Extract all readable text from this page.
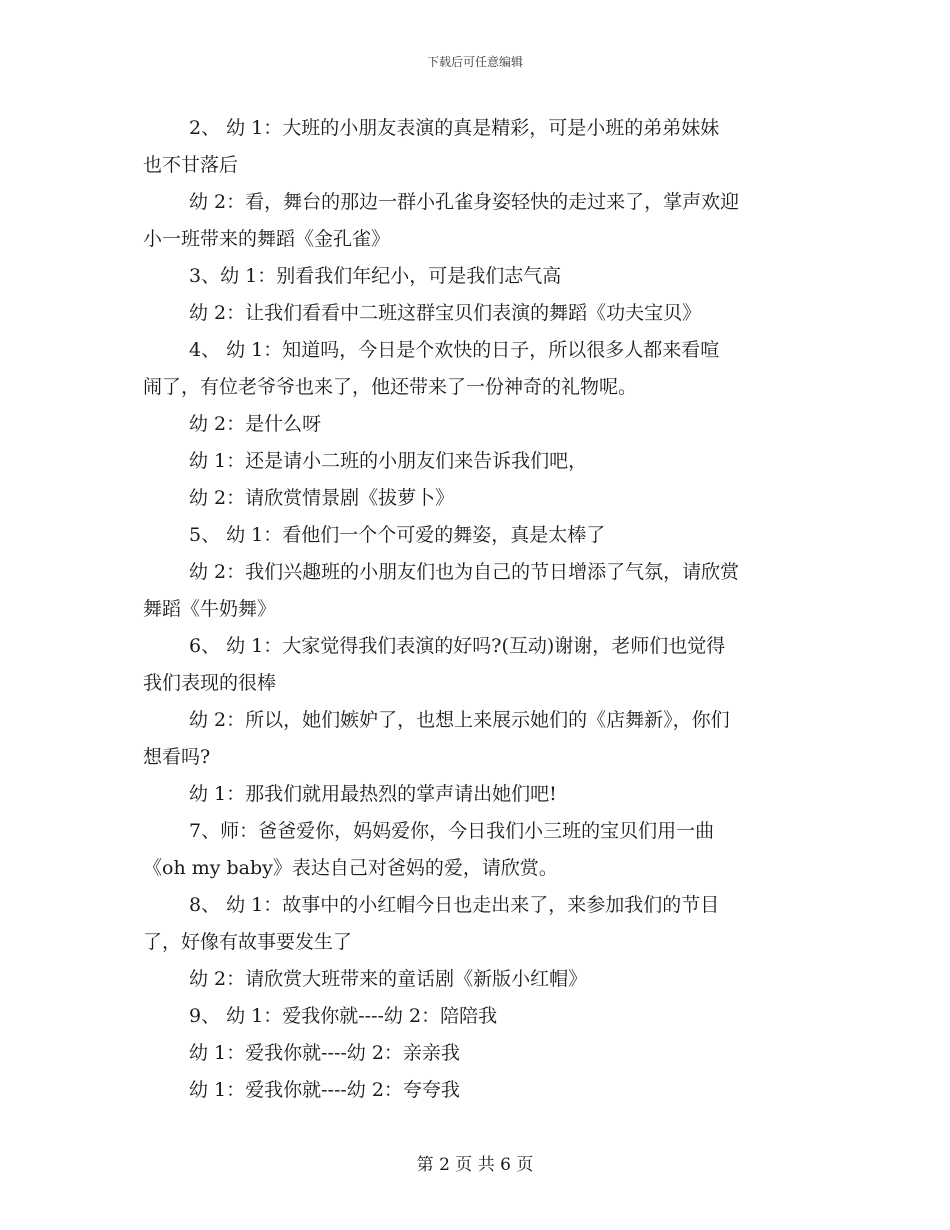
下载后可任意编辑
2、 幼 1：大班的小朋友表演的真是精彩，可是小班的弟弟妹妹
也不甘落后
幼 2：看，舞台的那边一群小孔雀身姿轻快的走过来了，掌声欢迎
小一班带来的舞蹈《金孔雀》
3、幼 1：别看我们年纪小，可是我们志气高
幼 2：让我们看看中二班这群宝贝们表演的舞蹈《功夫宝贝》
4、 幼 1：知道吗，今日是个欢快的日子，所以很多人都来看喧
闹了，有位老爷爷也来了，他还带来了一份神奇的礼物呢。
幼 2：是什么呀
幼 1：还是请小二班的小朋友们来告诉我们吧，
幼 2：请欣赏情景剧《拔萝卜》
5、 幼 1：看他们一个个可爱的舞姿，真是太棒了
幼 2：我们兴趣班的小朋友们也为自己的节日增添了气氛，请欣赏
舞蹈《牛奶舞》
6、 幼 1：大家觉得我们表演的好吗?(互动)谢谢，老师们也觉得
我们表现的很棒
幼 2：所以，她们嫉妒了，也想上来展示她们的《店舞新》，你们
想看吗?
幼 1：那我们就用最热烈的掌声请出她们吧!
7、师：爸爸爱你，妈妈爱你，今日我们小三班的宝贝们用一曲
《oh my baby》表达自己对爸妈的爱，请欣赏。
8、 幼 1：故事中的小红帽今日也走出来了，来参加我们的节目
了，好像有故事要发生了
幼 2：请欣赏大班带来的童话剧《新版小红帽》
9、 幼 1：爱我你就----幼 2：陪陪我
幼 1：爱我你就----幼 2：亲亲我
幼 1：爱我你就----幼 2：夸夸我
第 2 页 共 6 页
